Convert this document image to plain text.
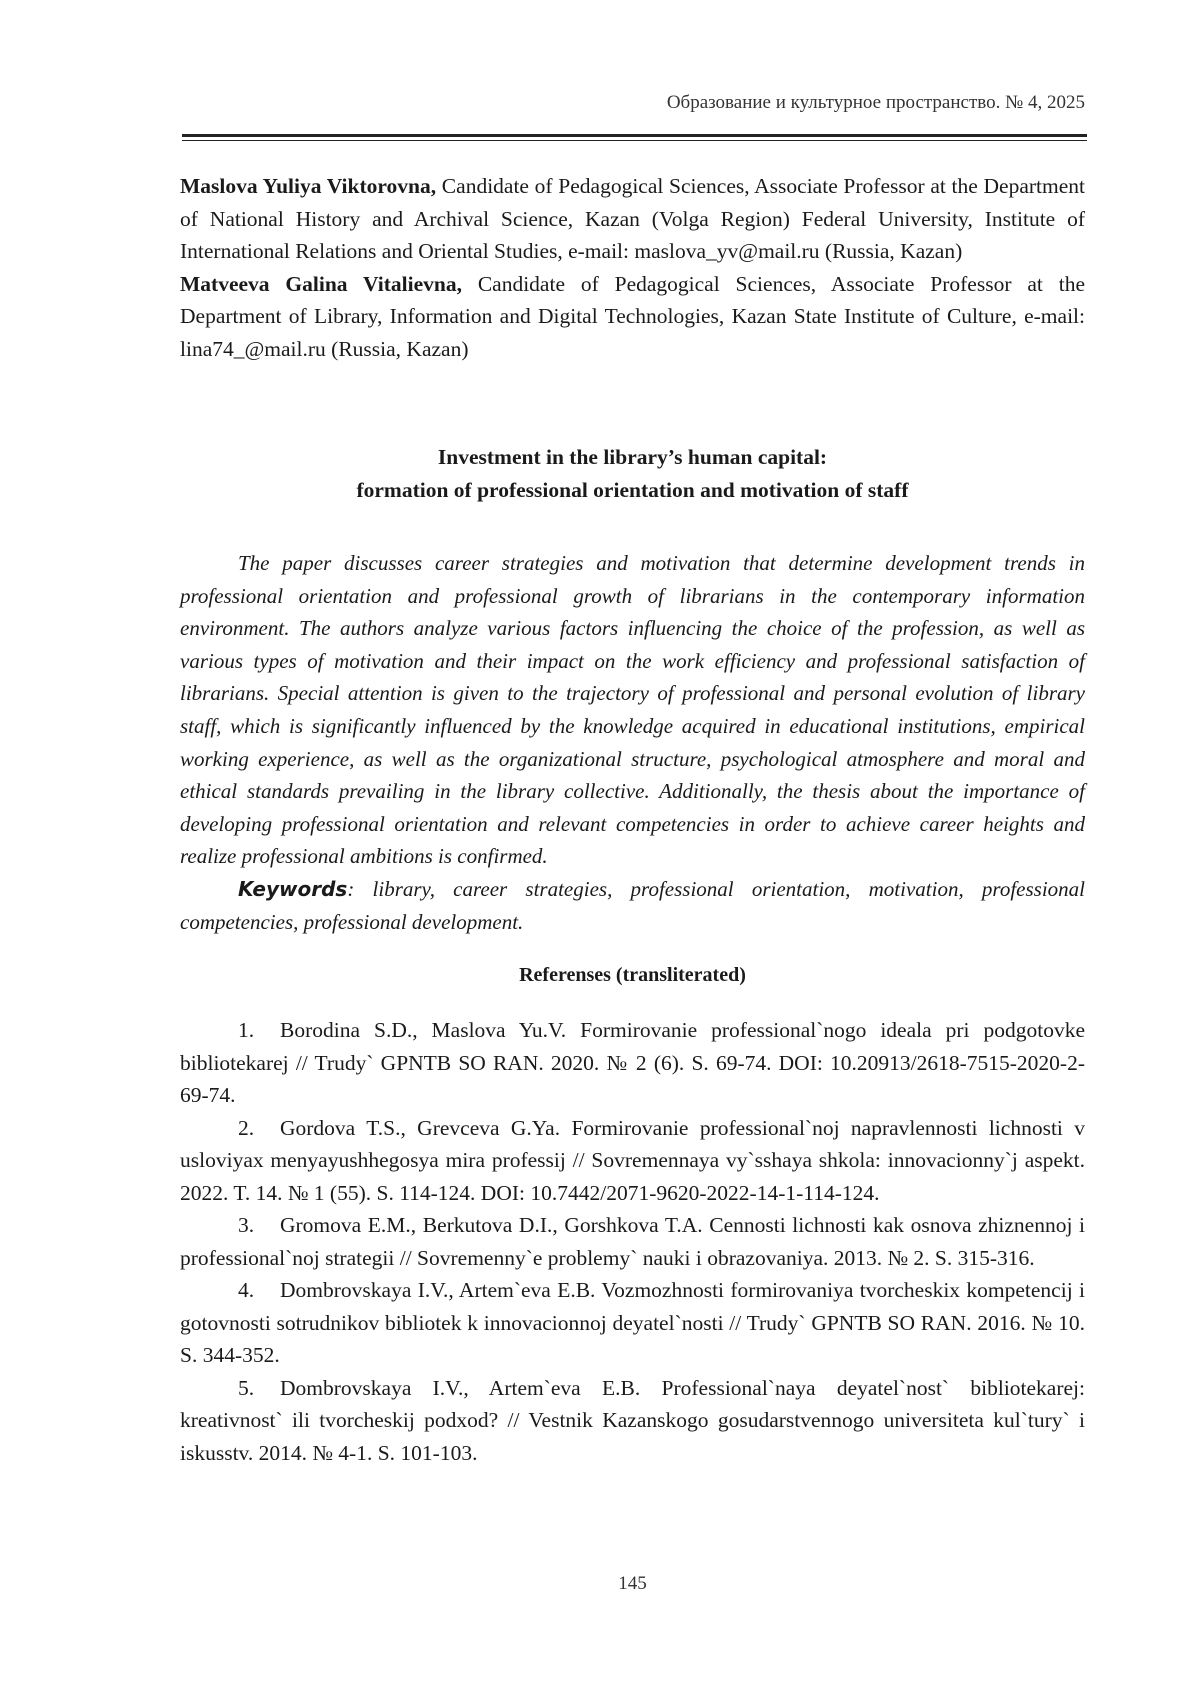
Образование и культурное пространство. № 4, 2025

Maslova Yuliya Viktorovna, Candidate of Pedagogical Sciences, Associate Professor at the Department of National History and Archival Science, Kazan (Volga Region) Federal University, Institute of International Relations and Oriental Studies, e-mail: maslova_yv@mail.ru (Russia, Kazan)

Matveeva Galina Vitalievna, Candidate of Pedagogical Sciences, Associate Professor at the Department of Library, Information and Digital Technologies, Kazan State Institute of Culture, e-mail: lina74_@mail.ru (Russia, Kazan)

Investment in the library’s human capital:
formation of professional orientation and motivation of staff

The paper discusses career strategies and motivation that determine development trends in professional orientation and professional growth of librarians in the contemporary information environment. The authors analyze various factors influencing the choice of the profession, as well as various types of motivation and their impact on the work efficiency and professional satisfaction of librarians. Special attention is given to the trajectory of professional and personal evolution of library staff, which is significantly influenced by the knowledge acquired in educational institutions, empirical working experience, as well as the organizational structure, psychological atmosphere and moral and ethical standards prevailing in the library collective. Additionally, the thesis about the importance of developing professional orientation and relevant competencies in order to achieve career heights and realize professional ambitions is confirmed.

Keywords: library, career strategies, professional orientation, motivation, professional competencies, professional development.

Referenses (transliterated)

1. Borodina S.D., Maslova Yu.V. Formirovanie professional`nogo ideala pri podgotovke bibliotekarej // Trudy` GPNTB SO RAN. 2020. № 2 (6). S. 69-74. DOI: 10.20913/2618-7515-2020-2-69-74.

2. Gordova T.S., Grevceva G.Ya. Formirovanie professional`noj napravlennosti lichnosti v usloviyax menyayushhegosya mira professij // Sovremennaya vy`sshaya shkola: innovacionny`j aspekt. 2022. T. 14. № 1 (55). S. 114-124. DOI: 10.7442/2071-9620-2022-14-1-114-124.

3. Gromova E.M., Berkutova D.I., Gorshkova T.A. Cennosti lichnosti kak osnova zhiznennoj i professional`noj strategii // Sovremenny`e problemy` nauki i obrazovaniya. 2013. № 2. S. 315-316.

4. Dombrovskaya I.V., Artem`eva E.B. Vozmozhnosti formirovaniya tvorcheskix kompetencij i gotovnosti sotrudnikov bibliotek k innovacionnoj deyatel`nosti // Trudy` GPNTB SO RAN. 2016. № 10. S. 344-352.

5. Dombrovskaya I.V., Artem`eva E.B. Professional`naya deyatel`nost` bibliotekarej: kreativnost` ili tvorcheskij podxod? // Vestnik Kazanskogo gosudarstvennogo universiteta kul`tury` i iskusstv. 2014. № 4-1. S. 101-103.

145
